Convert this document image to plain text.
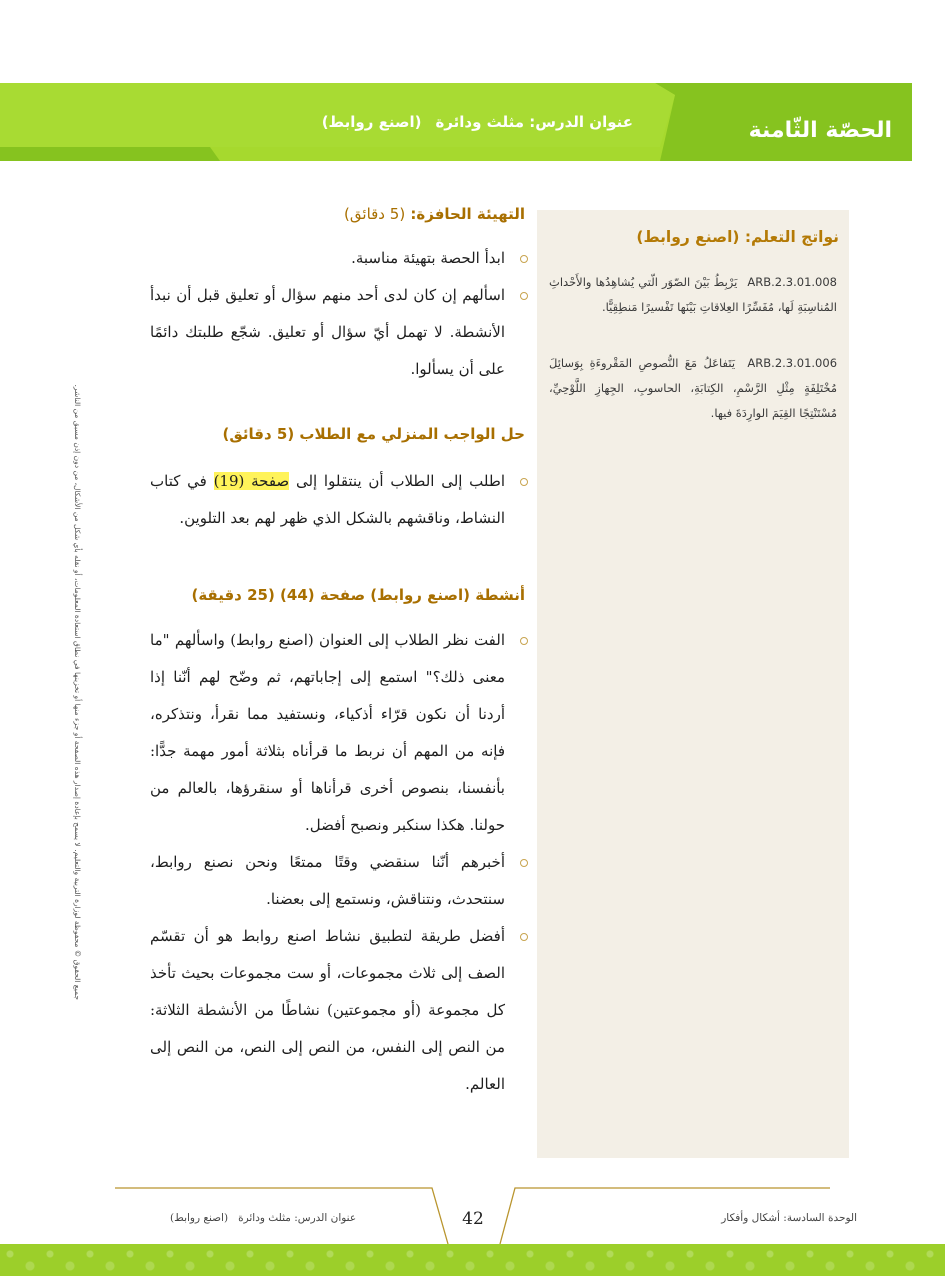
الحصّة الثّامنة
عنوان الدرس: مثلث ودائرة(اصنع روابط)
جميع الحقوق © محفوظة لوزارة التربية والتعليم. لا يسمح بإعادة إصدار هذه الصفحة أو جزء منها أو تخزينها في نطاق استعادة المعلومات، أو نقله بأي شكل من الأشكال، من دون إذن مسبق من الناشر.
نواتج التعلم: (اصنع روابط)

ARB.2.3.01.008 يَرْبِطُ بَيْنَ الصّوَر الّتي يُشاهِدُها والأَحْداثِ المُناسِبَةِ لَها، مُفَسِّرًا العِلاقاتِ بَيْنَها تَفْسيرًا مَنطِقِيًّا.

ARB.2.3.01.006 يَتَفاعَلُ مَعَ النُّصوصِ المَقْروءَةِ بِوَسائِلَ مُخْتَلِفَةٍ مِثْلِ الرَّسْمِ، الكِتابَةِ، الحاسوبِ، الجِهازِ اللَّوْحِيِّ، مُسْتَنْتِجًا القِيَمَ الوارِدَةَ فيها.

التهيئة الحافزة: (5 دقائق)
ابدأ الحصة بتهيئة مناسبة.
اسألهم إن كان لدى أحد منهم سؤال أو تعليق قبل أن نبدأ الأنشطة. لا تهمل أيّ سؤال أو تعليق. شجّع طلبتك دائمًا على أن يسألوا.
حل الواجب المنزلي مع الطلاب (5 دقائق)
اطلب إلى الطلاب أن ينتقلوا إلى صفحة (19) في كتاب النشاط، وناقشهم بالشكل الذي ظهر لهم بعد التلوين.
أنشطة (اصنع روابط) صفحة (44) (25 دقيقة)
الفت نظر الطلاب إلى العنوان (اصنع روابط) واسألهم "ما معنى ذلك؟" استمع إلى إجاباتهم، ثم وضّح لهم أنّنا إذا أردنا أن نكون قرّاء أذكياء، ونستفيد مما نقرأ، ونتذكره، فإنه من المهم أن نربط ما قرأناه بثلاثة أمور مهمة جدًّا: بأنفسنا، بنصوص أخرى قرأناها أو سنقرؤها، بالعالم من حولنا. هكذا سنكبر ونصبح أفضل.
أخبرهم أنّنا سنقضي وقتًا ممتعًا ونحن نصنع روابط، سنتحدث، ونتناقش، ونستمع إلى بعضنا.
أفضل طريقة لتطبيق نشاط اصنع روابط هو أن تقسّم الصف إلى ثلاث مجموعات، أو ست مجموعات بحيث تأخذ كل مجموعة (أو مجموعتين) نشاطًا من الأنشطة الثلاثة: من النص إلى النفس، من النص إلى النص، من النص إلى العالم.
الوحدة السادسة: أشكال وأفكار
عنوان الدرس: مثلث ودائرة(اصنع روابط)	42
